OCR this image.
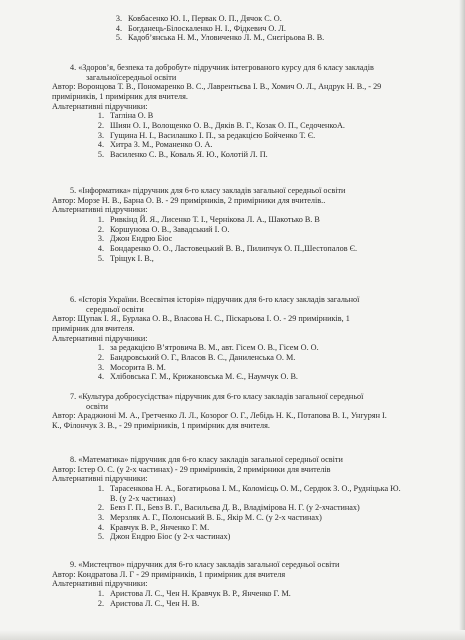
3. Ковбасенко Ю. І., Первак О. П., Дячок С. О.
4. Богданець-Білоскаленко Н. І., Фідкевич О. Л.
5. Кадоб’янська Н. М., Уловиченко Л. М., Снєгірьова В. В.
4. «Здоров’я, безпека та добробут» підручник інтегрованого курсу для 6 класу закладів
загальноїсередньої освіти
Автор: Воронцова Т. В., Пономаренко В. С., Лаврентьєва І. В., Хомич О. Л., Андрук Н. В., - 29
примірників, 1 примірник для вчителя.
Альтернативні підручники:
1. Тагліна О. В
2. Шиян О. І., Волощенко О. В., Дяків В. Г., Козак О. П., СедоченкоА.
3. Гущина Н. І., Василашко І. П., за редакцією Бойченко Т. Є.
4. Хитра З. М., Романенко О. А.
5. Василенко С. В., Коваль Я. Ю., Колотій Л. П.
5. «Інформатика» підручник для 6-го класу закладів загальної середньої освіти
Автор: Морзе Н. В., Барна О. В. - 29 примірників, 2 примірники для вчителів..
Альтернативні підручники:
1. Ривкінд Й. Я., Лисенко Т. І., Черніковa Л. А., Шакотько В. В
2. Коршунова О. В., Завадський І. О.
3. Джон Ендрю Біос
4. Бондаренко О. О., Ластовецький В. В., Пилипчук О. П.,Шестопалов Є.
5. Тріщук І. В.,
6. «Історія України. Всесвітня історія» підручник для 6-го класу закладів загальної
середньої освіти
Автор: Щупак І. Я., Бурлака О. В., Власова Н. С., Піскарьова І. О. - 29 примірників, 1
примірник для вчителя.
Альтернативні підручники:
1. за редакцією В’ятровича В. М., авт. Гісем О. В., Гісем О. О.
2. Бандровський О. Г., Власов В. С., Даниленська О. М.
3. Мосорита В. М.
4. Хлібовська Г. М., Крижановська М. Є., Наумчук О. В.
7. «Культура добросусідства» підручник для 6-го класу закладів загальної середньої
освіти
Автор: Араджионі М. А., Гретченко Л. Л., Козорог О. Г., Лебідь Н. К., Потапова В. І., Унгурян І.
К., Філончук З. В., - 29 примірників, 1 примірник для вчителя.
8. «Математика» підручник для 6-го класу закладів загальної середньої освіти
Автор: Істер О. С. (у 2-х частинах) - 29 примірників, 2 примірники для вчителів
Альтернативні підручники:
1. Тарасенкова Н. А., Богатирьова І. М., Коломієць О. М., Сердюк З. О., Рудніцька Ю.
В. (у 2-х частинах)
2. Бевз Г. П., Бевз В. Г., Васильєва Д. В., Владімірова Н. Г. (у 2-хчастинах)
3. Мерзляк А. Г., Полонський В. Б., Якір М. С. (у 2-х частинах)
4. Кравчук В. Р., Янченко Г. М.
5. Джон Ендрю Біос (у 2-х частинах)
9. «Мистецтво» підручник для 6-го класу закладів загальної середньої освіти
Автор: Кондратова Л. Г - 29 примірників, 1 примірник для вчителя
Альтернативні підручники:
1. Аристова Л. С., Чен Н. Кравчук В. Р., Янченко Г. М.
2. Аристова Л. С., Чен Н. В.
